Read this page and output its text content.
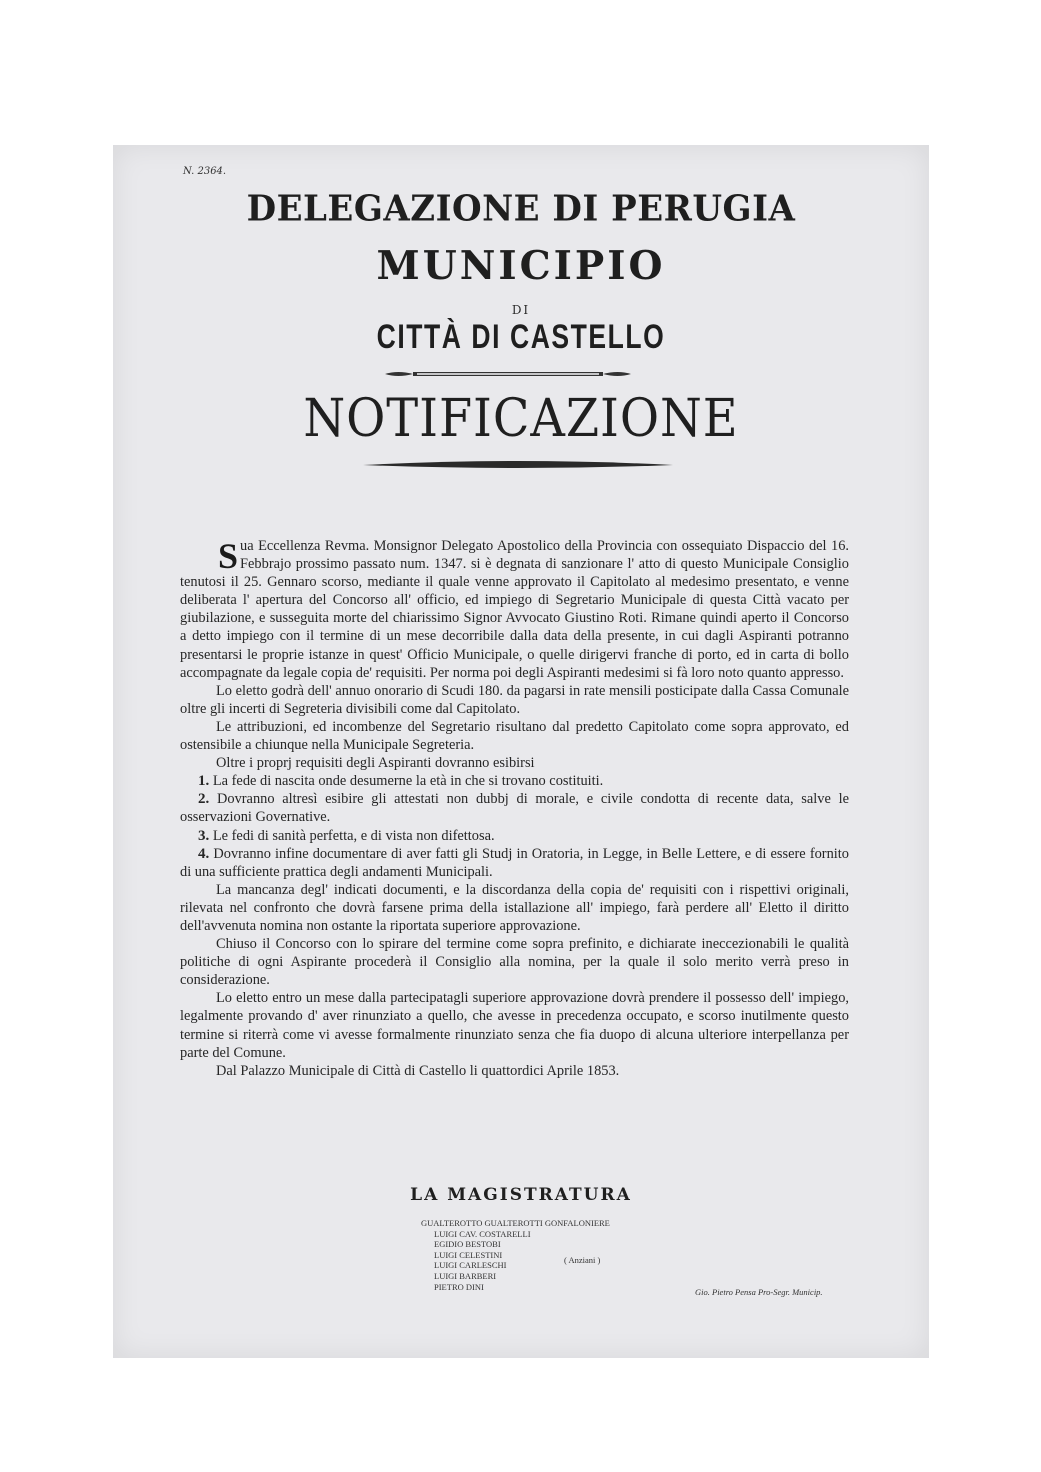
N. 2364.
DELEGAZIONE DI PERUGIA
MUNICIPIO
DI
CITTÀ DI CASTELLO
NOTIFICAZIONE

Sua Eccellenza Revma. Monsignor Delegato Apostolico della Provincia con ossequiato Dispaccio del 16. Febbrajo prossimo passato num. 1347. si è degnata di sanzionare l' atto di questo Municipale Consiglio tenutosi il 25. Gennaro scorso, mediante il quale venne approvato il Capitolato al medesimo presentato, e venne deliberata l' apertura del Concorso all' officio, ed impiego di Segretario Municipale di questa Città vacato per giubilazione, e susseguita morte del chiarissimo Signor Avvocato Giustino Roti. Rimane quindi aperto il Concorso a detto impiego con il termine di un mese decorribile dalla data della presente, in cui dagli Aspiranti potranno presentarsi le proprie istanze in quest' Officio Municipale, o quelle dirigervi franche di porto, ed in carta di bollo accompagnate da legale copia de' requisiti. Per norma poi degli Aspiranti medesimi si fà loro noto quanto appresso.

Lo eletto godrà dell' annuo onorario di Scudi 180. da pagarsi in rate mensili posticipate dalla Cassa Comunale oltre gli incerti di Segreteria divisibili come dal Capitolato.

Le attribuzioni, ed incombenze del Segretario risultano dal predetto Capitolato come sopra approvato, ed ostensibile a chiunque nella Municipale Segreteria.

Oltre i proprj requisiti degli Aspiranti dovranno esibirsi

1. La fede di nascita onde desumerne la età in che si trovano costituiti.

2. Dovranno altresì esibire gli attestati non dubbj di morale, e civile condotta di recente data, salve le osservazioni Governative.

3. Le fedi di sanità perfetta, e di vista non difettosa.

4. Dovranno infine documentare di aver fatti gli Studj in Oratoria, in Legge, in Belle Lettere, e di essere fornito di una sufficiente prattica degli andamenti Municipali.

La mancanza degl' indicati documenti, e la discordanza della copia de' requisiti con i rispettivi originali, rilevata nel confronto che dovrà farsene prima della istallazione all' impiego, farà perdere all' Eletto il diritto dell'avvenuta nomina non ostante la riportata superiore approvazione.

Chiuso il Concorso con lo spirare del termine come sopra prefinito, e dichiarate ineccezionabili le qualità politiche di ogni Aspirante procederà il Consiglio alla nomina, per la quale il solo merito verrà preso in considerazione.

Lo eletto entro un mese dalla partecipatagli superiore approvazione dovrà prendere il possesso dell' impiego, legalmente provando d' aver rinunziato a quello, che avesse in precedenza occupato, e scorso inutilmente questo termine si riterrà come vi avesse formalmente rinunziato senza che fia duopo di alcuna ulteriore interpellanza per parte del Comune.

Dal Palazzo Municipale di Città di Castello li quattordici Aprile 1853.

LA MAGISTRATURA
GUALTEROTTO GUALTEROTTI GONFALONIERE
LUIGI CAV. COSTARELLI
EGIDIO BESTOBI
LUIGI CELESTINI
LUIGI CARLESCHI
LUIGI BARBERI
PIETRO DINI
( Anziani )
Gio. Pietro Pensa Pro-Segr. Municip.
